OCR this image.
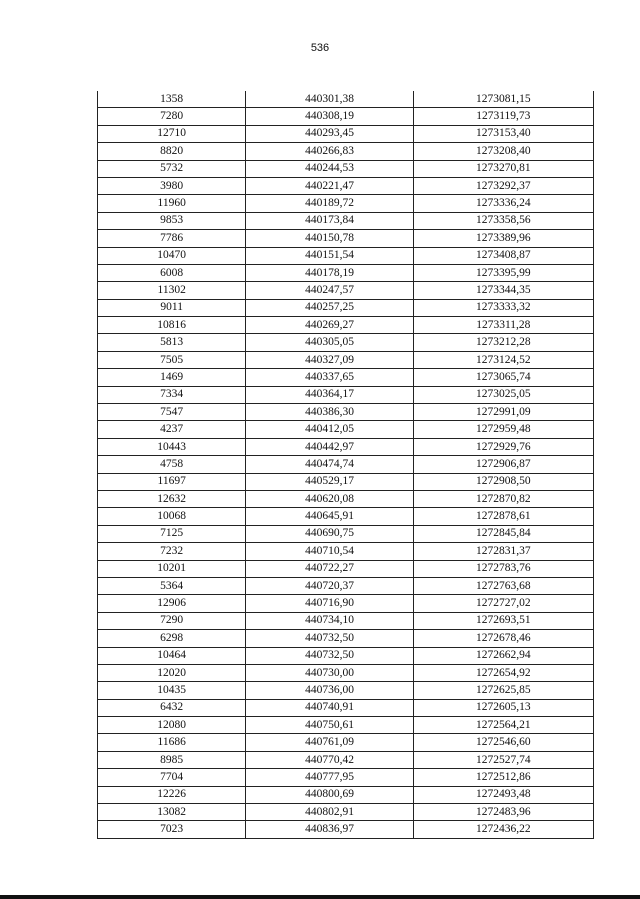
536
1358	440301,38	1273081,15
7280	440308,19	1273119,73
12710	440293,45	1273153,40
8820	440266,83	1273208,40
5732	440244,53	1273270,81
3980	440221,47	1273292,37
11960	440189,72	1273336,24
9853	440173,84	1273358,56
7786	440150,78	1273389,96
10470	440151,54	1273408,87
6008	440178,19	1273395,99
11302	440247,57	1273344,35
9011	440257,25	1273333,32
10816	440269,27	1273311,28
5813	440305,05	1273212,28
7505	440327,09	1273124,52
1469	440337,65	1273065,74
7334	440364,17	1273025,05
7547	440386,30	1272991,09
4237	440412,05	1272959,48
10443	440442,97	1272929,76
4758	440474,74	1272906,87
11697	440529,17	1272908,50
12632	440620,08	1272870,82
10068	440645,91	1272878,61
7125	440690,75	1272845,84
7232	440710,54	1272831,37
10201	440722,27	1272783,76
5364	440720,37	1272763,68
12906	440716,90	1272727,02
7290	440734,10	1272693,51
6298	440732,50	1272678,46
10464	440732,50	1272662,94
12020	440730,00	1272654,92
10435	440736,00	1272625,85
6432	440740,91	1272605,13
12080	440750,61	1272564,21
11686	440761,09	1272546,60
8985	440770,42	1272527,74
7704	440777,95	1272512,86
12226	440800,69	1272493,48
13082	440802,91	1272483,96
7023	440836,97	1272436,22
